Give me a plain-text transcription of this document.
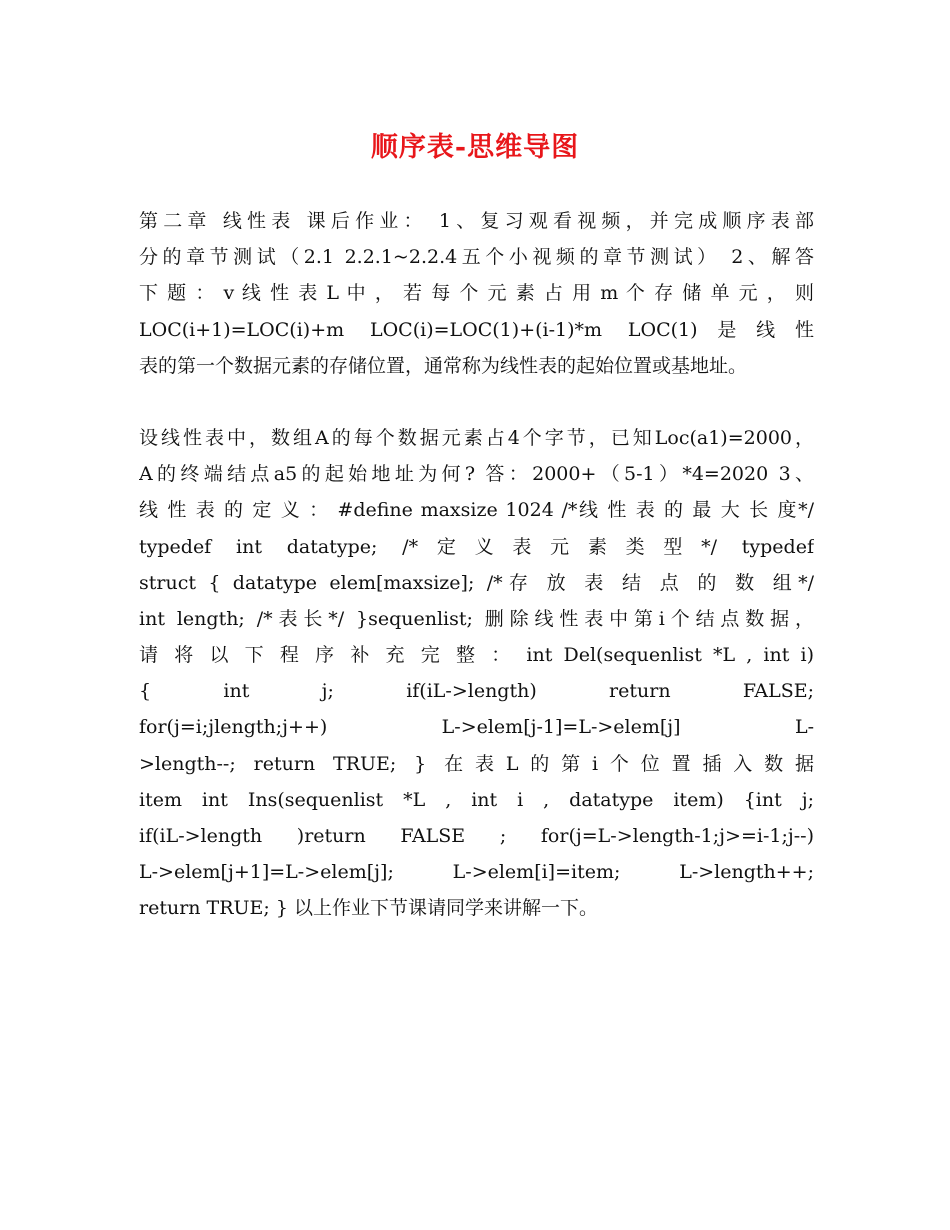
顺序表-思维导图
第二章 线性表 课后作业： 1、复习观看视频，并完成顺序表部
分的章节测试（2.1 2.2.1~2.2.4五个小视频的章节测试） 2、解答
下 题 ： v 线 性 表 L 中 ， 若 每 个 元 素 占 用 m 个 存 储 单 元 ， 则
LOC(i+1)=LOC(i)+m LOC(i)=LOC(1)+(i-1)*m LOC(1)是线性
表的第一个数据元素的存储位置，通常称为线性表的起始位置或基地址。
设线性表中，数组A的每个数据元素占4个字节，已知Loc(a1)=2000，
A的终端结点a5的起始地址为何? 答：2000+（5-1）*4=2020 3、
线 性 表 的 定 义 ： #define maxsize 1024 /*线 性 表 的 最 大 长 度*/
typedef int datatype; /*定义表元素类型*/ typedef
struct { datatype elem[maxsize]; /*存 放 表 结 点 的 数 组*/
int length; /*表长*/ }sequenlist; 删除线性表中第i个结点数据，
请 将 以 下 程 序 补 充 完 整 ： int Del(sequenlist *L , int i)
{ int j; if(iL->length) return FALSE;
for(j=i;jlength;j++) L->elem[j-1]=L->elem[j] L-
>length--; return TRUE; } 在表L的第i个位置插入数据
item int Ins(sequenlist *L , int i , datatype item) {int j;
if(iL->length )return FALSE ; for(j=L->length-1;j>=i-1;j--)
L->elem[j+1]=L->elem[j]; L->elem[i]=item; L->length++;
return TRUE; } 以上作业下节课请同学来讲解一下。
